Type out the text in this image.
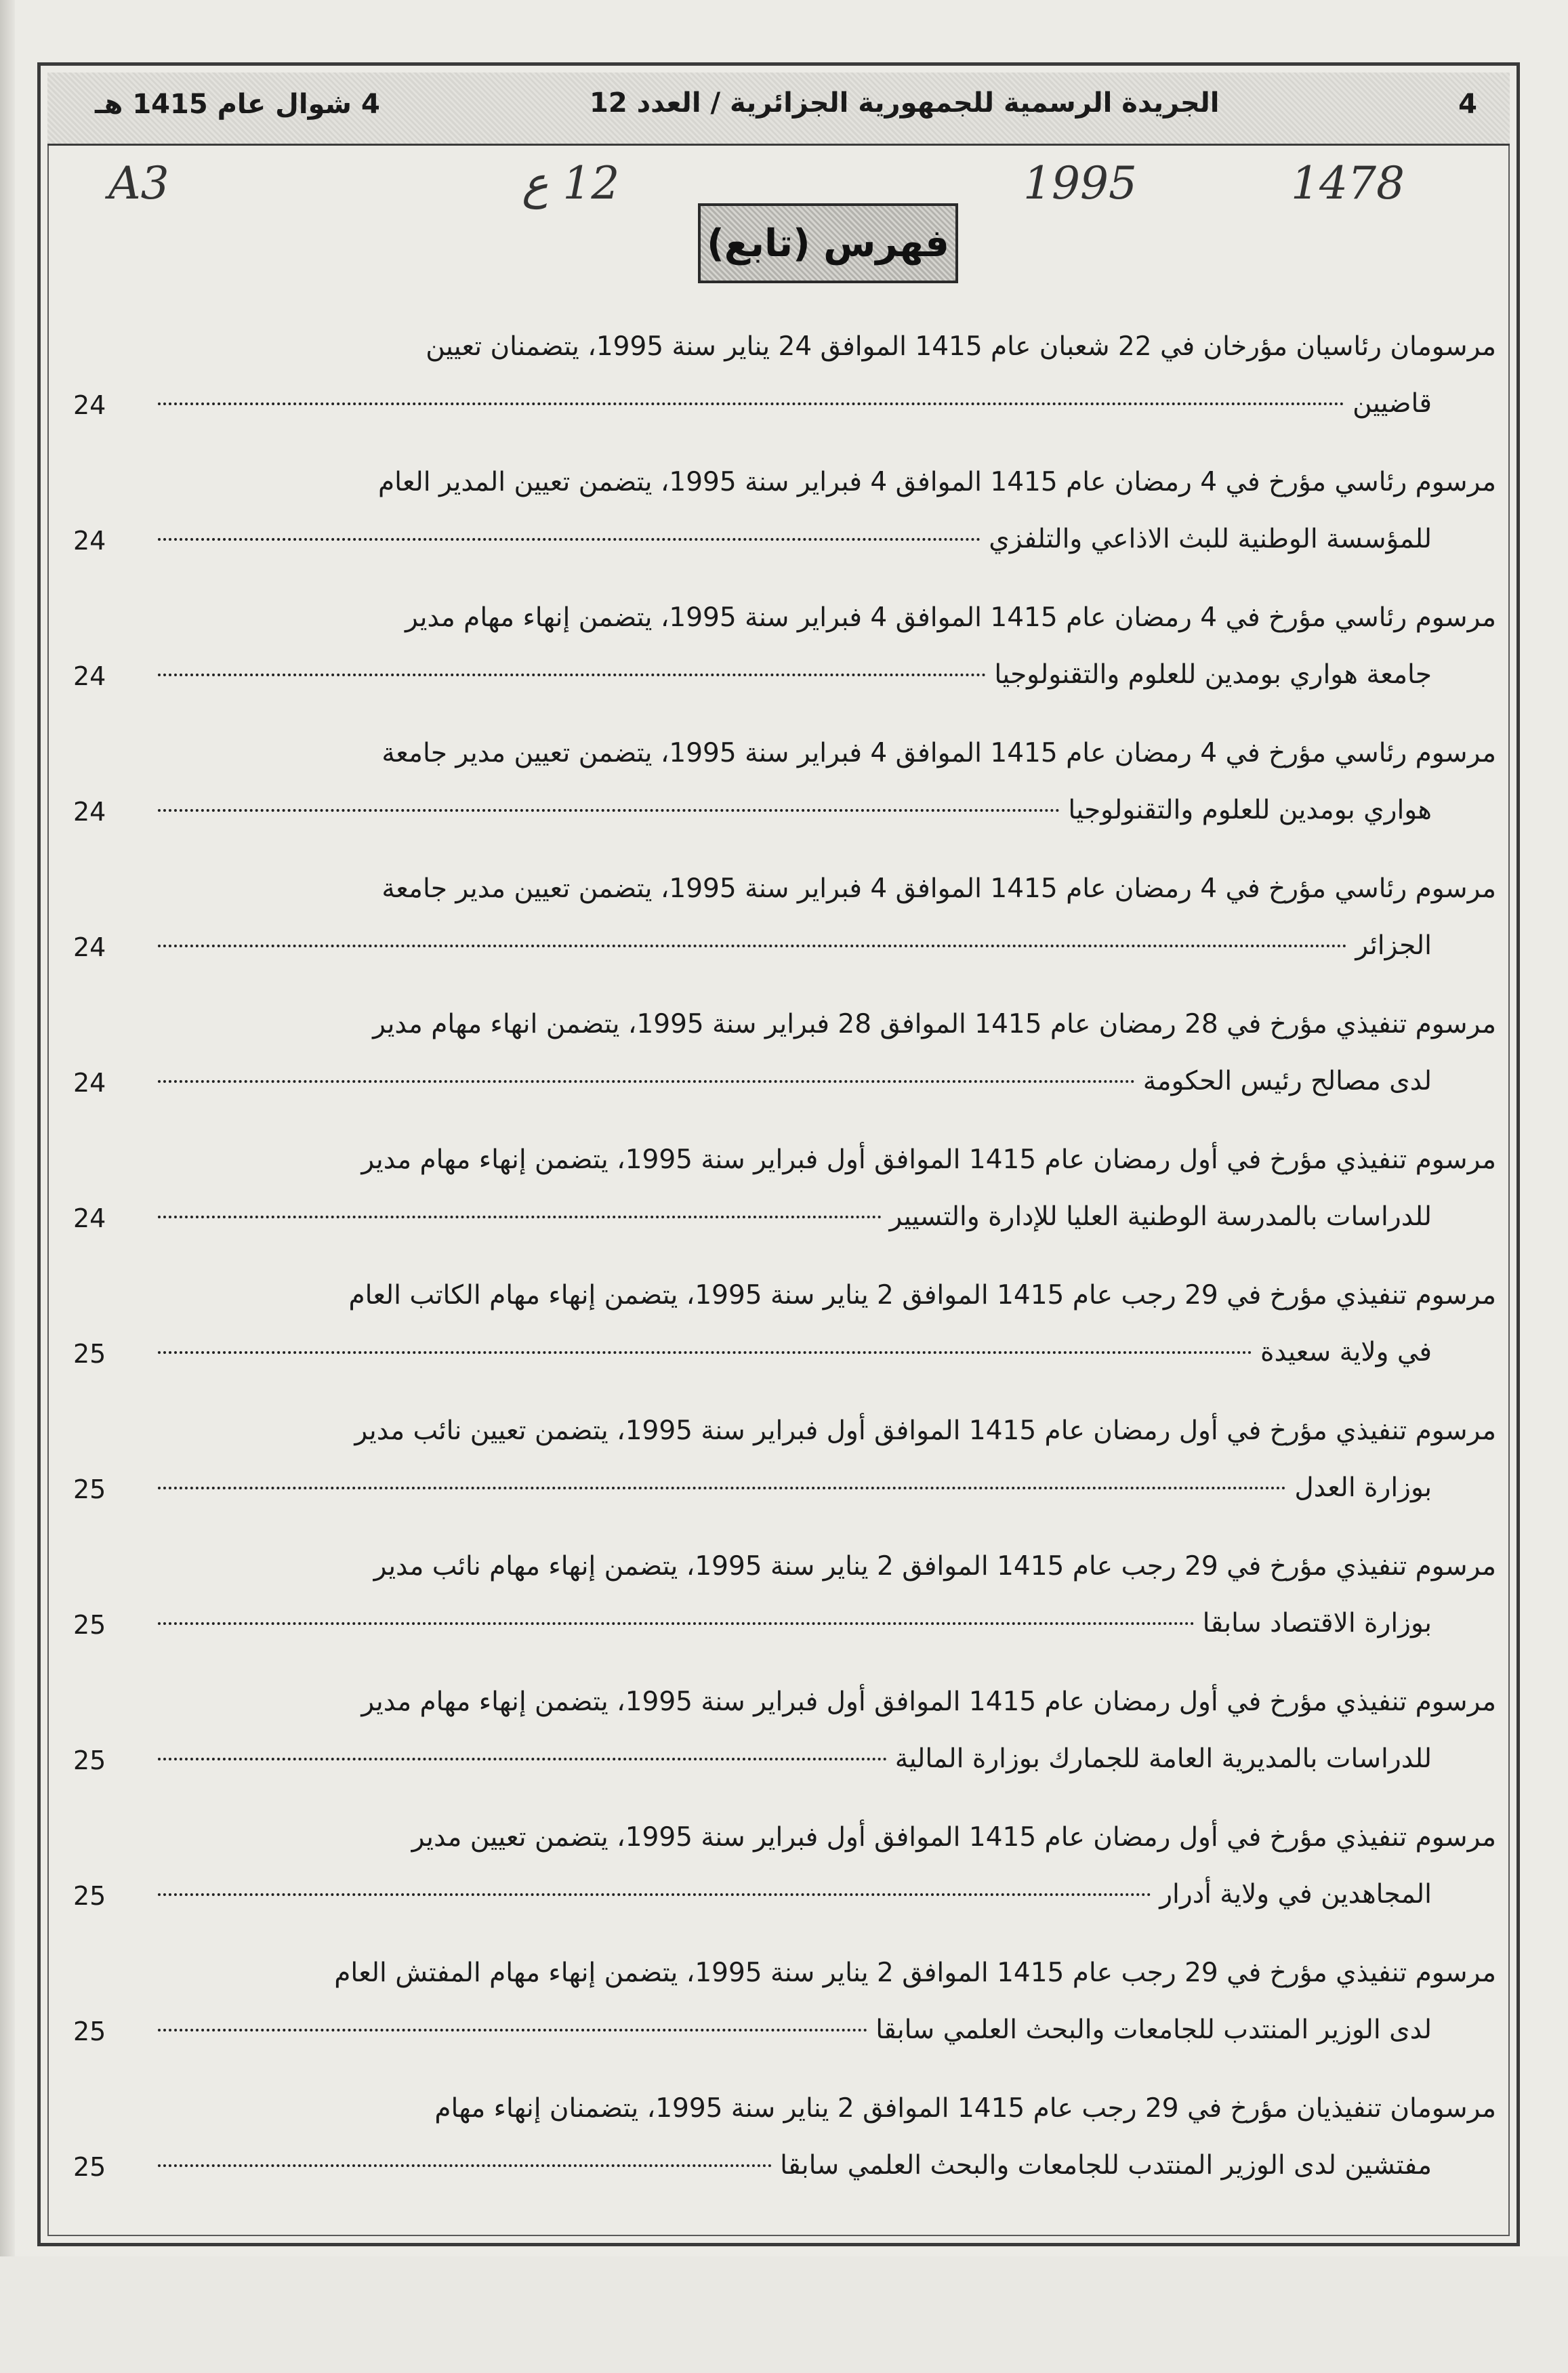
4
الجريدة الرسمية للجمهورية الجزائرية / العدد 12
4 شوال عام 1415 هـ
A3	12 ع	1995	1478
فهرس (تابع)
مرسومان رئاسيان مؤرخان في 22 شعبان عام 1415 الموافق 24 يناير سنة 1995، يتضمنان تعيين
قاضيين
24
مرسوم رئاسي مؤرخ في 4 رمضان عام 1415 الموافق 4 فبراير سنة 1995، يتضمن تعيين المدير العام
للمؤسسة الوطنية للبث الاذاعي والتلفزي
24
مرسوم رئاسي مؤرخ في 4 رمضان عام 1415 الموافق 4 فبراير سنة 1995، يتضمن إنهاء مهام مدير
جامعة هواري بومدين للعلوم والتقنولوجيا
24
مرسوم رئاسي مؤرخ في 4 رمضان عام 1415 الموافق 4 فبراير سنة 1995، يتضمن تعيين مدير جامعة
هواري بومدين للعلوم والتقنولوجيا
24
مرسوم رئاسي مؤرخ في 4 رمضان عام 1415 الموافق 4 فبراير سنة 1995، يتضمن تعيين مدير جامعة
الجزائر
24
مرسوم تنفيذي مؤرخ في 28 رمضان عام 1415 الموافق 28 فبراير سنة 1995، يتضمن انهاء مهام مدير
لدى مصالح رئيس الحكومة
24
مرسوم تنفيذي مؤرخ في أول رمضان عام 1415 الموافق أول فبراير سنة 1995، يتضمن إنهاء مهام مدير
للدراسات بالمدرسة الوطنية العليا للإدارة والتسيير
24
مرسوم تنفيذي مؤرخ في 29 رجب عام 1415 الموافق 2 يناير سنة 1995، يتضمن إنهاء مهام الكاتب العام
في ولاية سعيدة
25
مرسوم تنفيذي مؤرخ في أول رمضان عام 1415 الموافق أول فبراير سنة 1995، يتضمن تعيين نائب مدير
بوزارة العدل
25
مرسوم تنفيذي مؤرخ في 29 رجب عام 1415 الموافق 2 يناير سنة 1995، يتضمن إنهاء مهام نائب مدير
بوزارة الاقتصاد سابقا
25
مرسوم تنفيذي مؤرخ في أول رمضان عام 1415 الموافق أول فبراير سنة 1995، يتضمن إنهاء مهام مدير
للدراسات بالمديرية العامة للجمارك بوزارة المالية
25
مرسوم تنفيذي مؤرخ في أول رمضان عام 1415 الموافق أول فبراير سنة 1995، يتضمن تعيين مدير
المجاهدين في ولاية أدرار
25
مرسوم تنفيذي مؤرخ في 29 رجب عام 1415 الموافق 2 يناير سنة 1995، يتضمن إنهاء مهام المفتش العام
لدى الوزير المنتدب للجامعات والبحث العلمي سابقا
25
مرسومان تنفيذيان مؤرخ في 29 رجب عام 1415 الموافق 2 يناير سنة 1995، يتضمنان إنهاء مهام
مفتشين لدى الوزير المنتدب للجامعات والبحث العلمي سابقا
25
